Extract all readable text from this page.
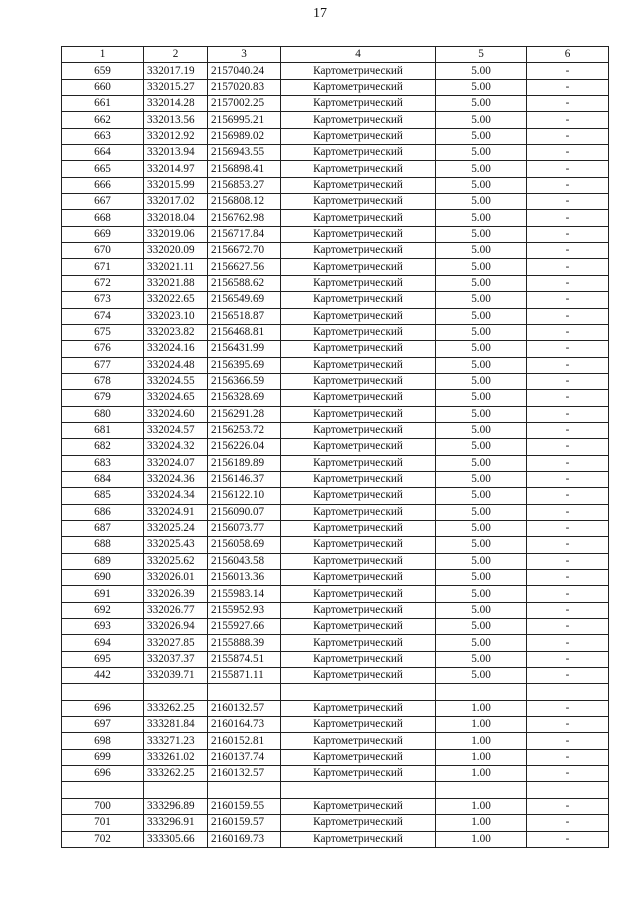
17
1	2	3	4	5	6
659	332017.19	2157040.24	Картометрический	5.00	-
660	332015.27	2157020.83	Картометрический	5.00	-
661	332014.28	2157002.25	Картометрический	5.00	-
662	332013.56	2156995.21	Картометрический	5.00	-
663	332012.92	2156989.02	Картометрический	5.00	-
664	332013.94	2156943.55	Картометрический	5.00	-
665	332014.97	2156898.41	Картометрический	5.00	-
666	332015.99	2156853.27	Картометрический	5.00	-
667	332017.02	2156808.12	Картометрический	5.00	-
668	332018.04	2156762.98	Картометрический	5.00	-
669	332019.06	2156717.84	Картометрический	5.00	-
670	332020.09	2156672.70	Картометрический	5.00	-
671	332021.11	2156627.56	Картометрический	5.00	-
672	332021.88	2156588.62	Картометрический	5.00	-
673	332022.65	2156549.69	Картометрический	5.00	-
674	332023.10	2156518.87	Картометрический	5.00	-
675	332023.82	2156468.81	Картометрический	5.00	-
676	332024.16	2156431.99	Картометрический	5.00	-
677	332024.48	2156395.69	Картометрический	5.00	-
678	332024.55	2156366.59	Картометрический	5.00	-
679	332024.65	2156328.69	Картометрический	5.00	-
680	332024.60	2156291.28	Картометрический	5.00	-
681	332024.57	2156253.72	Картометрический	5.00	-
682	332024.32	2156226.04	Картометрический	5.00	-
683	332024.07	2156189.89	Картометрический	5.00	-
684	332024.36	2156146.37	Картометрический	5.00	-
685	332024.34	2156122.10	Картометрический	5.00	-
686	332024.91	2156090.07	Картометрический	5.00	-
687	332025.24	2156073.77	Картометрический	5.00	-
688	332025.43	2156058.69	Картометрический	5.00	-
689	332025.62	2156043.58	Картометрический	5.00	-
690	332026.01	2156013.36	Картометрический	5.00	-
691	332026.39	2155983.14	Картометрический	5.00	-
692	332026.77	2155952.93	Картометрический	5.00	-
693	332026.94	2155927.66	Картометрический	5.00	-
694	332027.85	2155888.39	Картометрический	5.00	-
695	332037.37	2155874.51	Картометрический	5.00	-
442	332039.71	2155871.11	Картометрический	5.00	-

696	333262.25	2160132.57	Картометрический	1.00	-
697	333281.84	2160164.73	Картометрический	1.00	-
698	333271.23	2160152.81	Картометрический	1.00	-
699	333261.02	2160137.74	Картометрический	1.00	-
696	333262.25	2160132.57	Картометрический	1.00	-

700	333296.89	2160159.55	Картометрический	1.00	-
701	333296.91	2160159.57	Картометрический	1.00	-
702	333305.66	2160169.73	Картометрический	1.00	-
